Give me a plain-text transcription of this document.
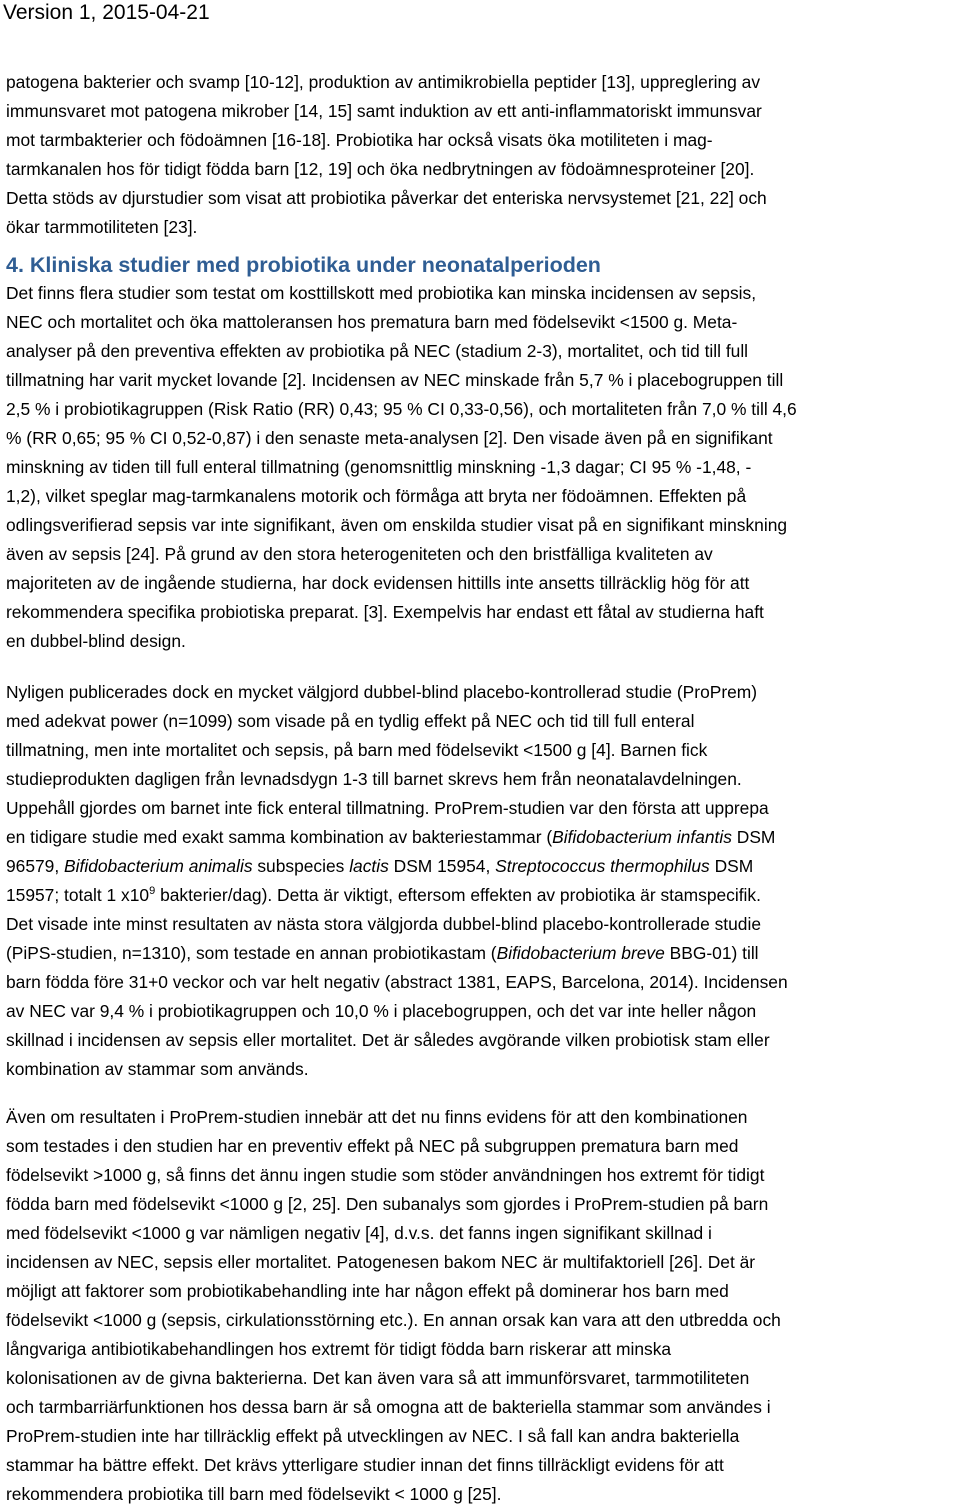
Version 1, 2015-04-21

patogena bakterier och svamp [10-12], produktion av antimikrobiella peptider [13], uppreglering av
immunsvaret mot patogena mikrober [14, 15] samt induktion av ett anti-inflammatoriskt immunsvar
mot tarmbakterier och födoämnen [16-18]. Probiotika har också visats öka motiliteten i mag-
tarmkanalen hos för tidigt födda barn [12, 19] och öka nedbrytningen av födoämnesproteiner [20].
Detta stöds av djurstudier som visat att probiotika påverkar det enteriska nervsystemet [21, 22] och
ökar tarmmotiliteten [23].

4. Kliniska studier med probiotika under neonatalperioden

Det finns flera studier som testat om kosttillskott med probiotika kan minska incidensen av sepsis,
NEC och mortalitet och öka mattoleransen hos prematura barn med födelsevikt <1500 g. Meta-
analyser på den preventiva effekten av probiotika på NEC (stadium 2-3), mortalitet, och tid till full
tillmatning har varit mycket lovande [2]. Incidensen av NEC minskade från 5,7 % i placebogruppen till
2,5 % i probiotikagruppen (Risk Ratio (RR) 0,43; 95 % CI 0,33-0,56), och mortaliteten från 7,0 % till 4,6
% (RR 0,65; 95 % CI 0,52-0,87) i den senaste meta-analysen [2]. Den visade även på en signifikant
minskning av tiden till full enteral tillmatning (genomsnittlig minskning -1,3 dagar; CI 95 % -1,48, -
1,2), vilket speglar mag-tarmkanalens motorik och förmåga att bryta ner födoämnen. Effekten på
odlingsverifierad sepsis var inte signifikant, även om enskilda studier visat på en signifikant minskning
även av sepsis [24]. På grund av den stora heterogeniteten och den bristfälliga kvaliteten av
majoriteten av de ingående studierna, har dock evidensen hittills inte ansetts tillräcklig hög för att
rekommendera specifika probiotiska preparat. [3]. Exempelvis har endast ett fåtal av studierna haft
en dubbel-blind design.

Nyligen publicerades dock en mycket välgjord dubbel-blind placebo-kontrollerad studie (ProPrem)
med adekvat power (n=1099) som visade på en tydlig effekt på NEC och tid till full enteral
tillmatning, men inte mortalitet och sepsis, på barn med födelsevikt <1500 g [4]. Barnen fick
studieprodukten dagligen från levnadsdygn 1-3 till barnet skrevs hem från neonatalavdelningen.
Uppehåll gjordes om barnet inte fick enteral tillmatning. ProPrem-studien var den första att upprepa
en tidigare studie med exakt samma kombination av bakteriestammar (Bifidobacterium infantis DSM
96579, Bifidobacterium animalis subspecies lactis DSM 15954, Streptococcus thermophilus DSM
15957; totalt 1 $x10^9$ bakterier/dag). Detta är viktigt, eftersom effekten av probiotika är stamspecifik.
Det visade inte minst resultaten av nästa stora välgjorda dubbel-blind placebo-kontrollerade studie
(PiPS-studien, n=1310), som testade en annan probiotikastam (Bifidobacterium breve BBG-01) till
barn födda före 31+0 veckor och var helt negativ (abstract 1381, EAPS, Barcelona, 2014). Incidensen
av NEC var 9,4 % i probiotikagruppen och 10,0 % i placebogruppen, och det var inte heller någon
skillnad i incidensen av sepsis eller mortalitet. Det är således avgörande vilken probiotisk stam eller
kombination av stammar som används.

Även om resultaten i ProPrem-studien innebär att det nu finns evidens för att den kombinationen
som testades i den studien har en preventiv effekt på NEC på subgruppen prematura barn med
födelsevikt >1000 g, så finns det ännu ingen studie som stöder användningen hos extremt för tidigt
födda barn med födelsevikt <1000 g [2, 25]. Den subanalys som gjordes i ProPrem-studien på barn
med födelsevikt <1000 g var nämligen negativ [4], d.v.s. det fanns ingen signifikant skillnad i
incidensen av NEC, sepsis eller mortalitet. Patogenesen bakom NEC är multifaktoriell [26]. Det är
möjligt att faktorer som probiotikabehandling inte har någon effekt på dominerar hos barn med
födelsevikt <1000 g (sepsis, cirkulationsstörning etc.). En annan orsak kan vara att den utbredda och
långvariga antibiotikabehandlingen hos extremt för tidigt födda barn riskerar att minska
kolonisationen av de givna bakterierna. Det kan även vara så att immunförsvaret, tarmmotiliteten
och tarmbarriärfunktionen hos dessa barn är så omogna att de bakteriella stammar som användes i
ProPrem-studien inte har tillräcklig effekt på utvecklingen av NEC. I så fall kan andra bakteriella
stammar ha bättre effekt. Det krävs ytterligare studier innan det finns tillräckligt evidens för att
rekommendera probiotika till barn med födelsevikt < 1000 g [25].
